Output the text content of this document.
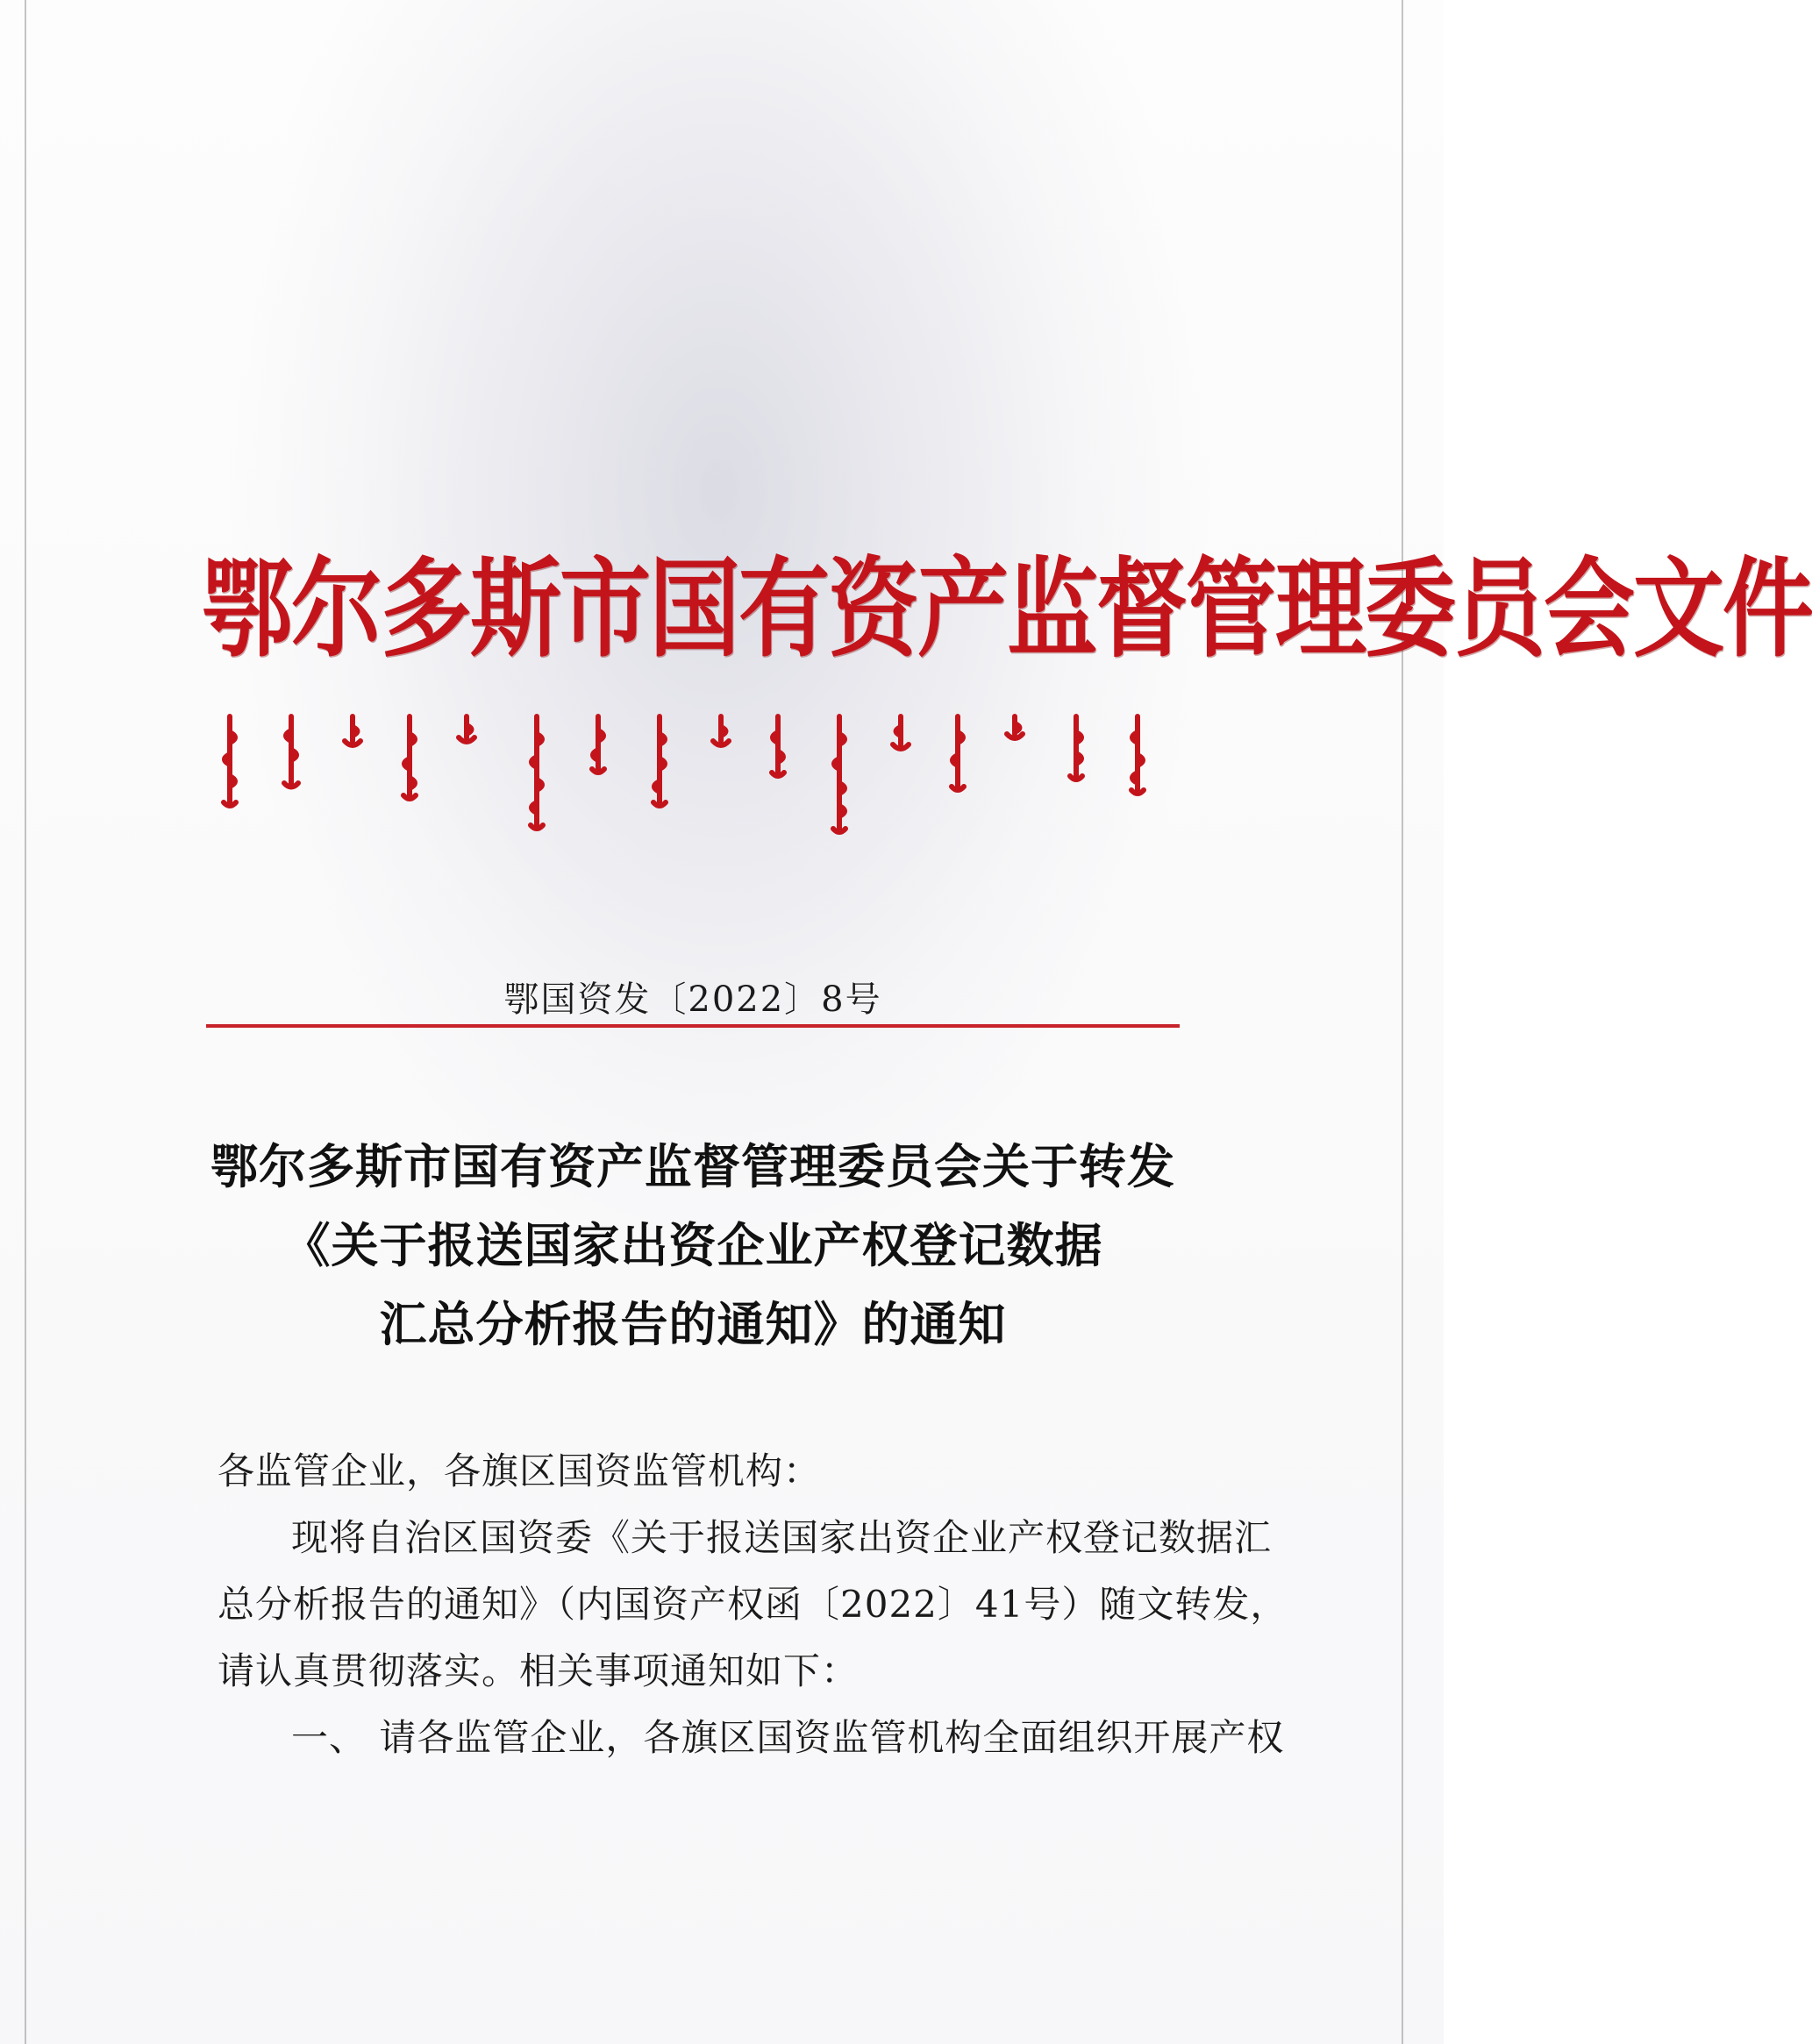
鄂尔多斯市国有资产监督管理委员会文件
鄂国资发〔2022〕8号
鄂尔多斯市国有资产监督管理委员会关于转发
《关于报送国家出资企业产权登记数据
汇总分析报告的通知》的通知

各监管企业，各旗区国资监管机构：

现将自治区国资委《关于报送国家出资企业产权登记数据汇

总分析报告的通知》（内国资产权函〔2022〕41号）随文转发，

请认真贯彻落实。相关事项通知如下：

一、 请各监管企业，各旗区国资监管机构全面组织开展产权
